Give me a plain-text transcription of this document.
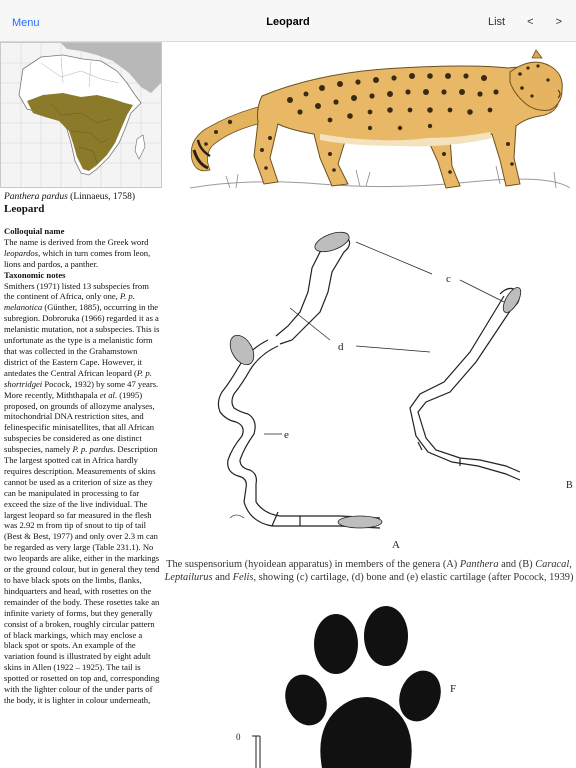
Menu	Leopard	List < >
Panthera pardus (Linnaeus, 1758)
Leopard

Colloquial name

The name is derived from the Greek word leopardos, which in turn comes from leon, lions and pardos, a panther.

Taxonomic notes

Smithers (1971) listed 13 subspecies from the continent of Africa, only one, P. p. melanotica (Günther, 1885), occurring in the subregion. Dobroruka (1966) regarded it as a melanistic mutation, not a subspecies. This is unfortunate as the type is a melanistic form that was collected in the Grahamstown district of the Eastern Cape. However, it antedates the Central African leopard (P. p. shortridgei Pocock, 1932) by some 47 years. More recently, Miththapala et al. (1995) proposed, on grounds of allozyme analyses, mitochondrial DNA restriction sites, and felinespecific minisatellites, that all African subspecies be considered as one distinct subspecies, namely P. p. pardus. Description The largest spotted cat in Africa hardly requires description. Measurements of skins cannot be used as a criterion of size as they can be manipulated in processing to far exceed the size of the live individual. The largest leopard so far measured in the flesh was 2.92 m from tip of snout to tip of tail (Best & Best, 1977) and only over 2.3 m can be regarded as very large (Table 231.1). No two leopards are alike, either in the markings or the ground colour, but in general they tend to have black spots on the limbs, flanks, hindquarters and head, with rosettes on the remainder of the body. These rosettes take an infinite variety of forms, but they generally consist of a broken, roughly circular pattern of black markings, which may enclose a black spot or spots. An example of the variation found is illustrated by eight adult skins in Allen (1922 – 1925). The tail is spotted or rosetted on top and, corresponding with the lighter colour of the under parts of the body, it is lighter in colour underneath,

c
d
e
A
B
The suspensorium (hyoidean apparatus) in members of the genera (A) Panthera and (B) Caracal, Leptailurus and Felis, showing (c) cartilage, (d) bone and (e) elastic cartilage (after Pocock, 1939)
0
F
